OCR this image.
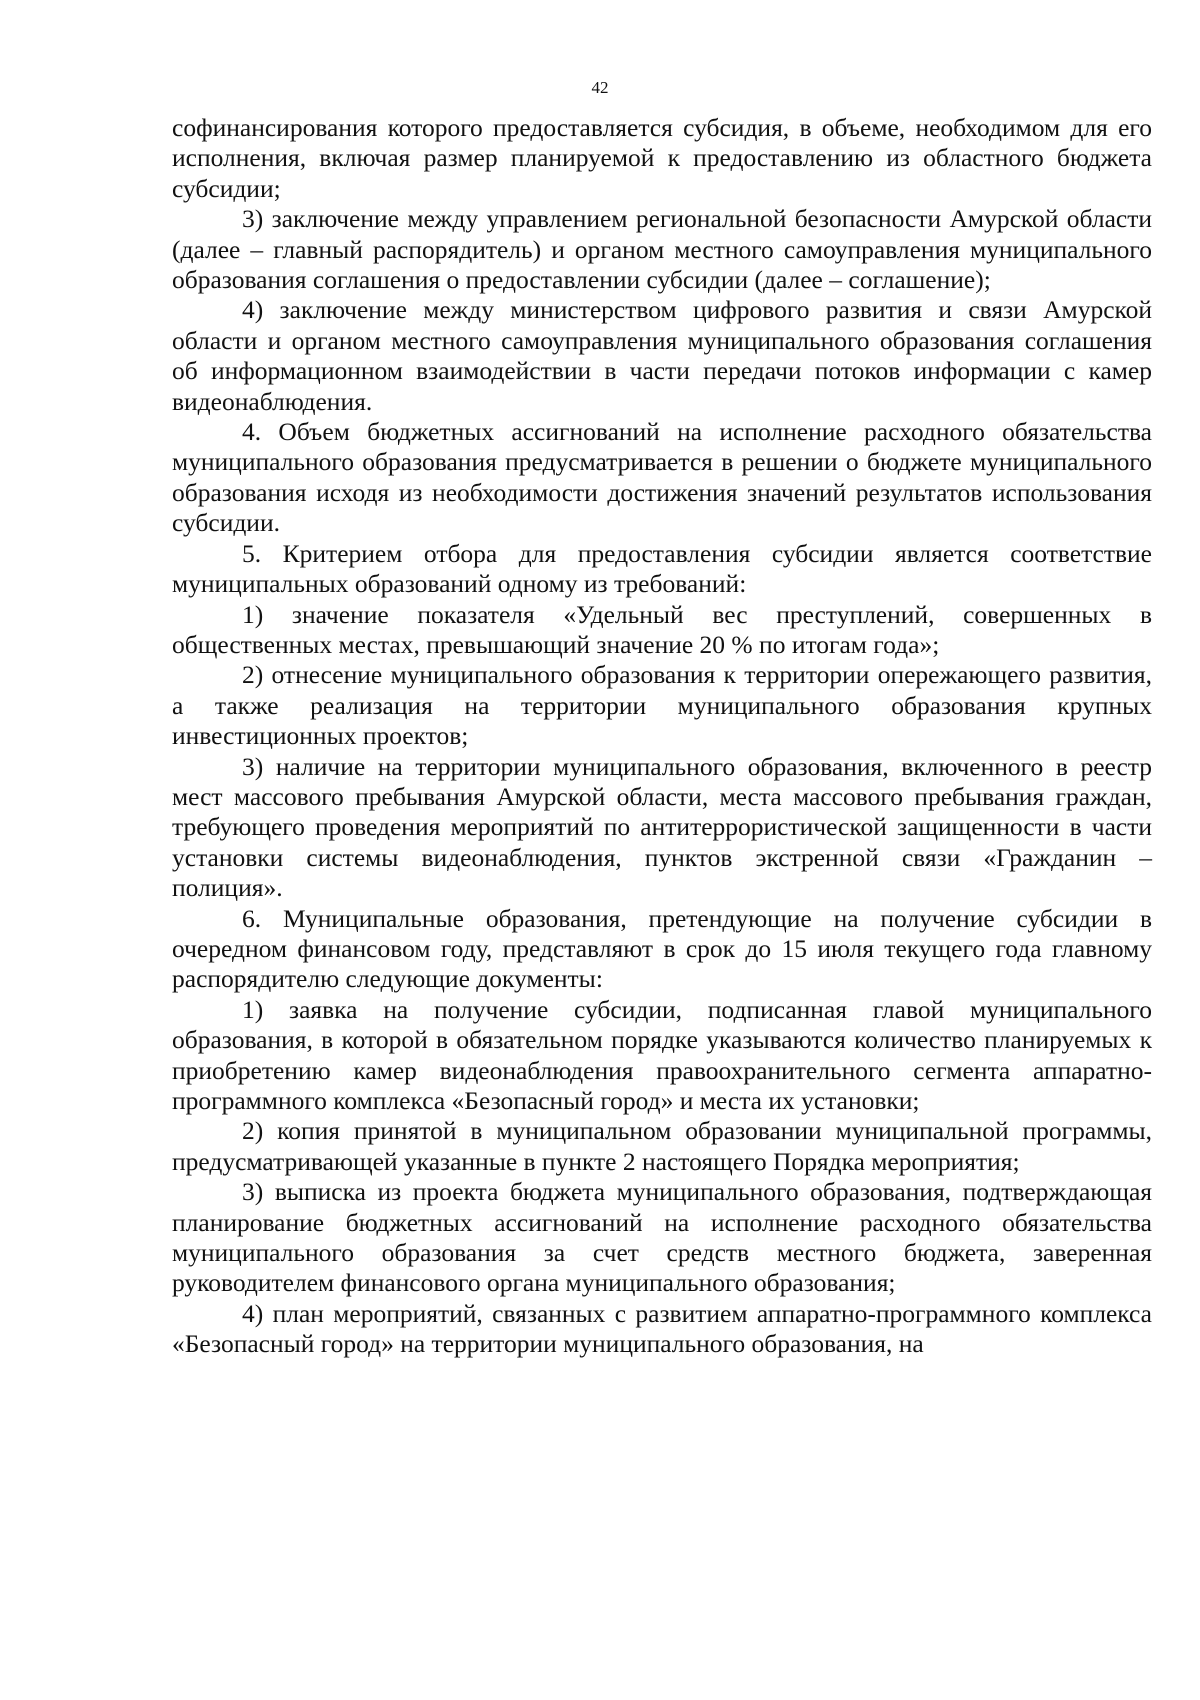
42

софинансирования которого предоставляется субсидия, в объеме, необходимом для его исполнения, включая размер планируемой к предоставлению из областного бюджета субсидии;

3) заключение между управлением региональной безопасности Амурской области (далее – главный распорядитель) и органом местного самоуправления муниципального образования соглашения о предоставлении субсидии (далее – соглашение);

4) заключение между министерством цифрового развития и связи Амурской области и органом местного самоуправления муниципального образования соглашения об информационном взаимодействии в части передачи потоков информации с камер видеонаблюдения.

4. Объем бюджетных ассигнований на исполнение расходного обязательства муниципального образования предусматривается в решении о бюджете муниципального образования исходя из необходимости достижения значений результатов использования субсидии.

5. Критерием отбора для предоставления субсидии является соответствие муниципальных образований одному из требований:

1) значение показателя «Удельный вес преступлений, совершенных в общественных местах, превышающий значение 20 % по итогам года»;

2) отнесение муниципального образования к территории опережающего развития, а также реализация на территории муниципального образования крупных инвестиционных проектов;

3) наличие на территории муниципального образования, включенного в реестр мест массового пребывания Амурской области, места массового пребывания граждан, требующего проведения мероприятий по антитеррористической защищенности в части установки системы видеонаблюдения, пунктов экстренной связи «Гражданин – полиция».

6. Муниципальные образования, претендующие на получение субсидии в очередном финансовом году, представляют в срок до 15 июля текущего года главному распорядителю следующие документы:

1) заявка на получение субсидии, подписанная главой муниципального образования, в которой в обязательном порядке указываются количество планируемых к приобретению камер видеонаблюдения правоохранительного сегмента аппаратно-программного комплекса «Безопасный город» и места их установки;

2) копия принятой в муниципальном образовании муниципальной программы, предусматривающей указанные в пункте 2 настоящего Порядка мероприятия;

3) выписка из проекта бюджета муниципального образования, подтверждающая планирование бюджетных ассигнований на исполнение расходного обязательства муниципального образования за счет средств местного бюджета, заверенная руководителем финансового органа муниципального образования;

4) план мероприятий, связанных с развитием аппаратно-программного комплекса «Безопасный город» на территории муниципального образования, на
